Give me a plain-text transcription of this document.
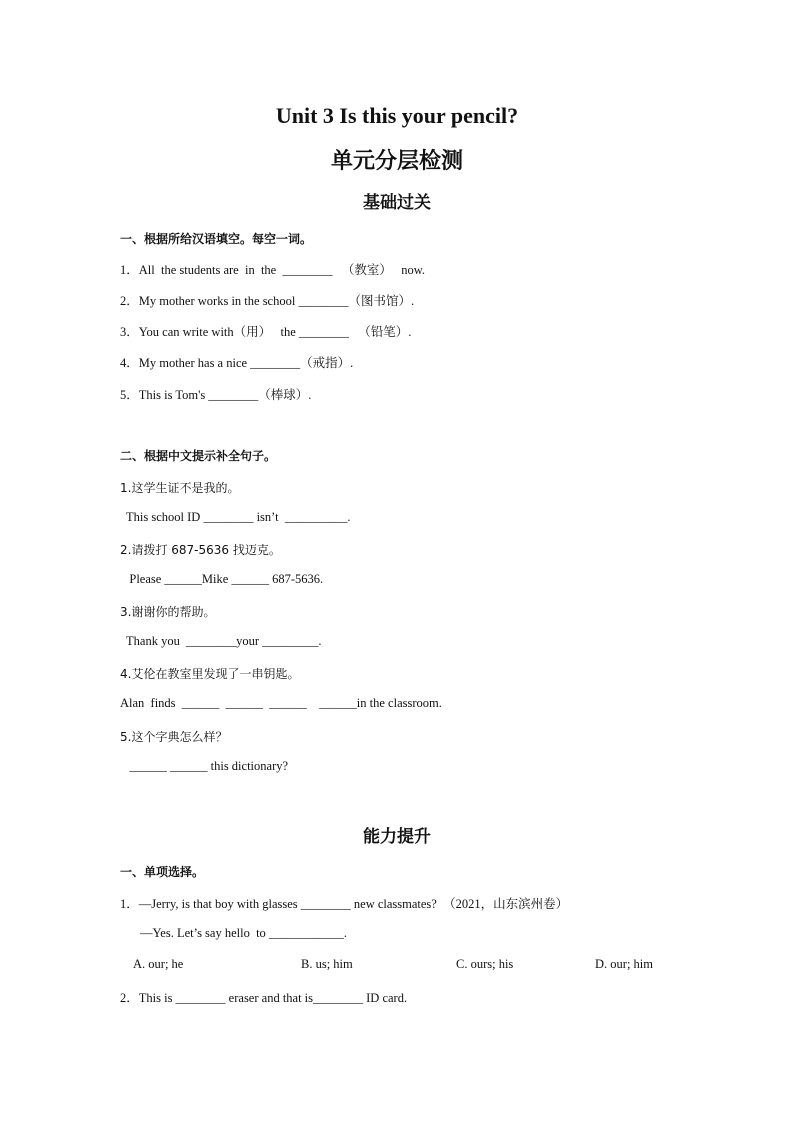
Unit 3 Is this your pencil?
单元分层检测
基础过关
一、根据所给汉语填空。每空一词。
1．All  the students are  in  the  ________   （教室）   now.
2．My mother works in the school ________（图书馆）.
3．You can write with（用）   the ________   （铅笔）.
4．My mother has a nice ________（戒指）.
5．This is Tom's ________（棒球）.
二、根据中文提示补全句子。
1.这学生证不是我的。
This school ID ________ isn’t  __________.
2.请拨打 687-5636 找迈克。
Please ______Mike ______ 687-5636.
3.谢谢你的帮助。
Thank you  ________your _________.
4.艾伦在教室里发现了一串钥匙。
Alan  finds  ______  ______  ______    ______in the classroom.
5.这个字典怎么样？
______ ______ this dictionary?
能力提升
一、单项选择。
1．—Jerry, is that boy with glasses ________ new classmates?  （2021，山东滨州卷）
—Yes. Let’s say hello  to ____________.
A. our; he	B. us; him	C. ours; his	D. our; him
2．This is ________ eraser and that is________ ID card.
